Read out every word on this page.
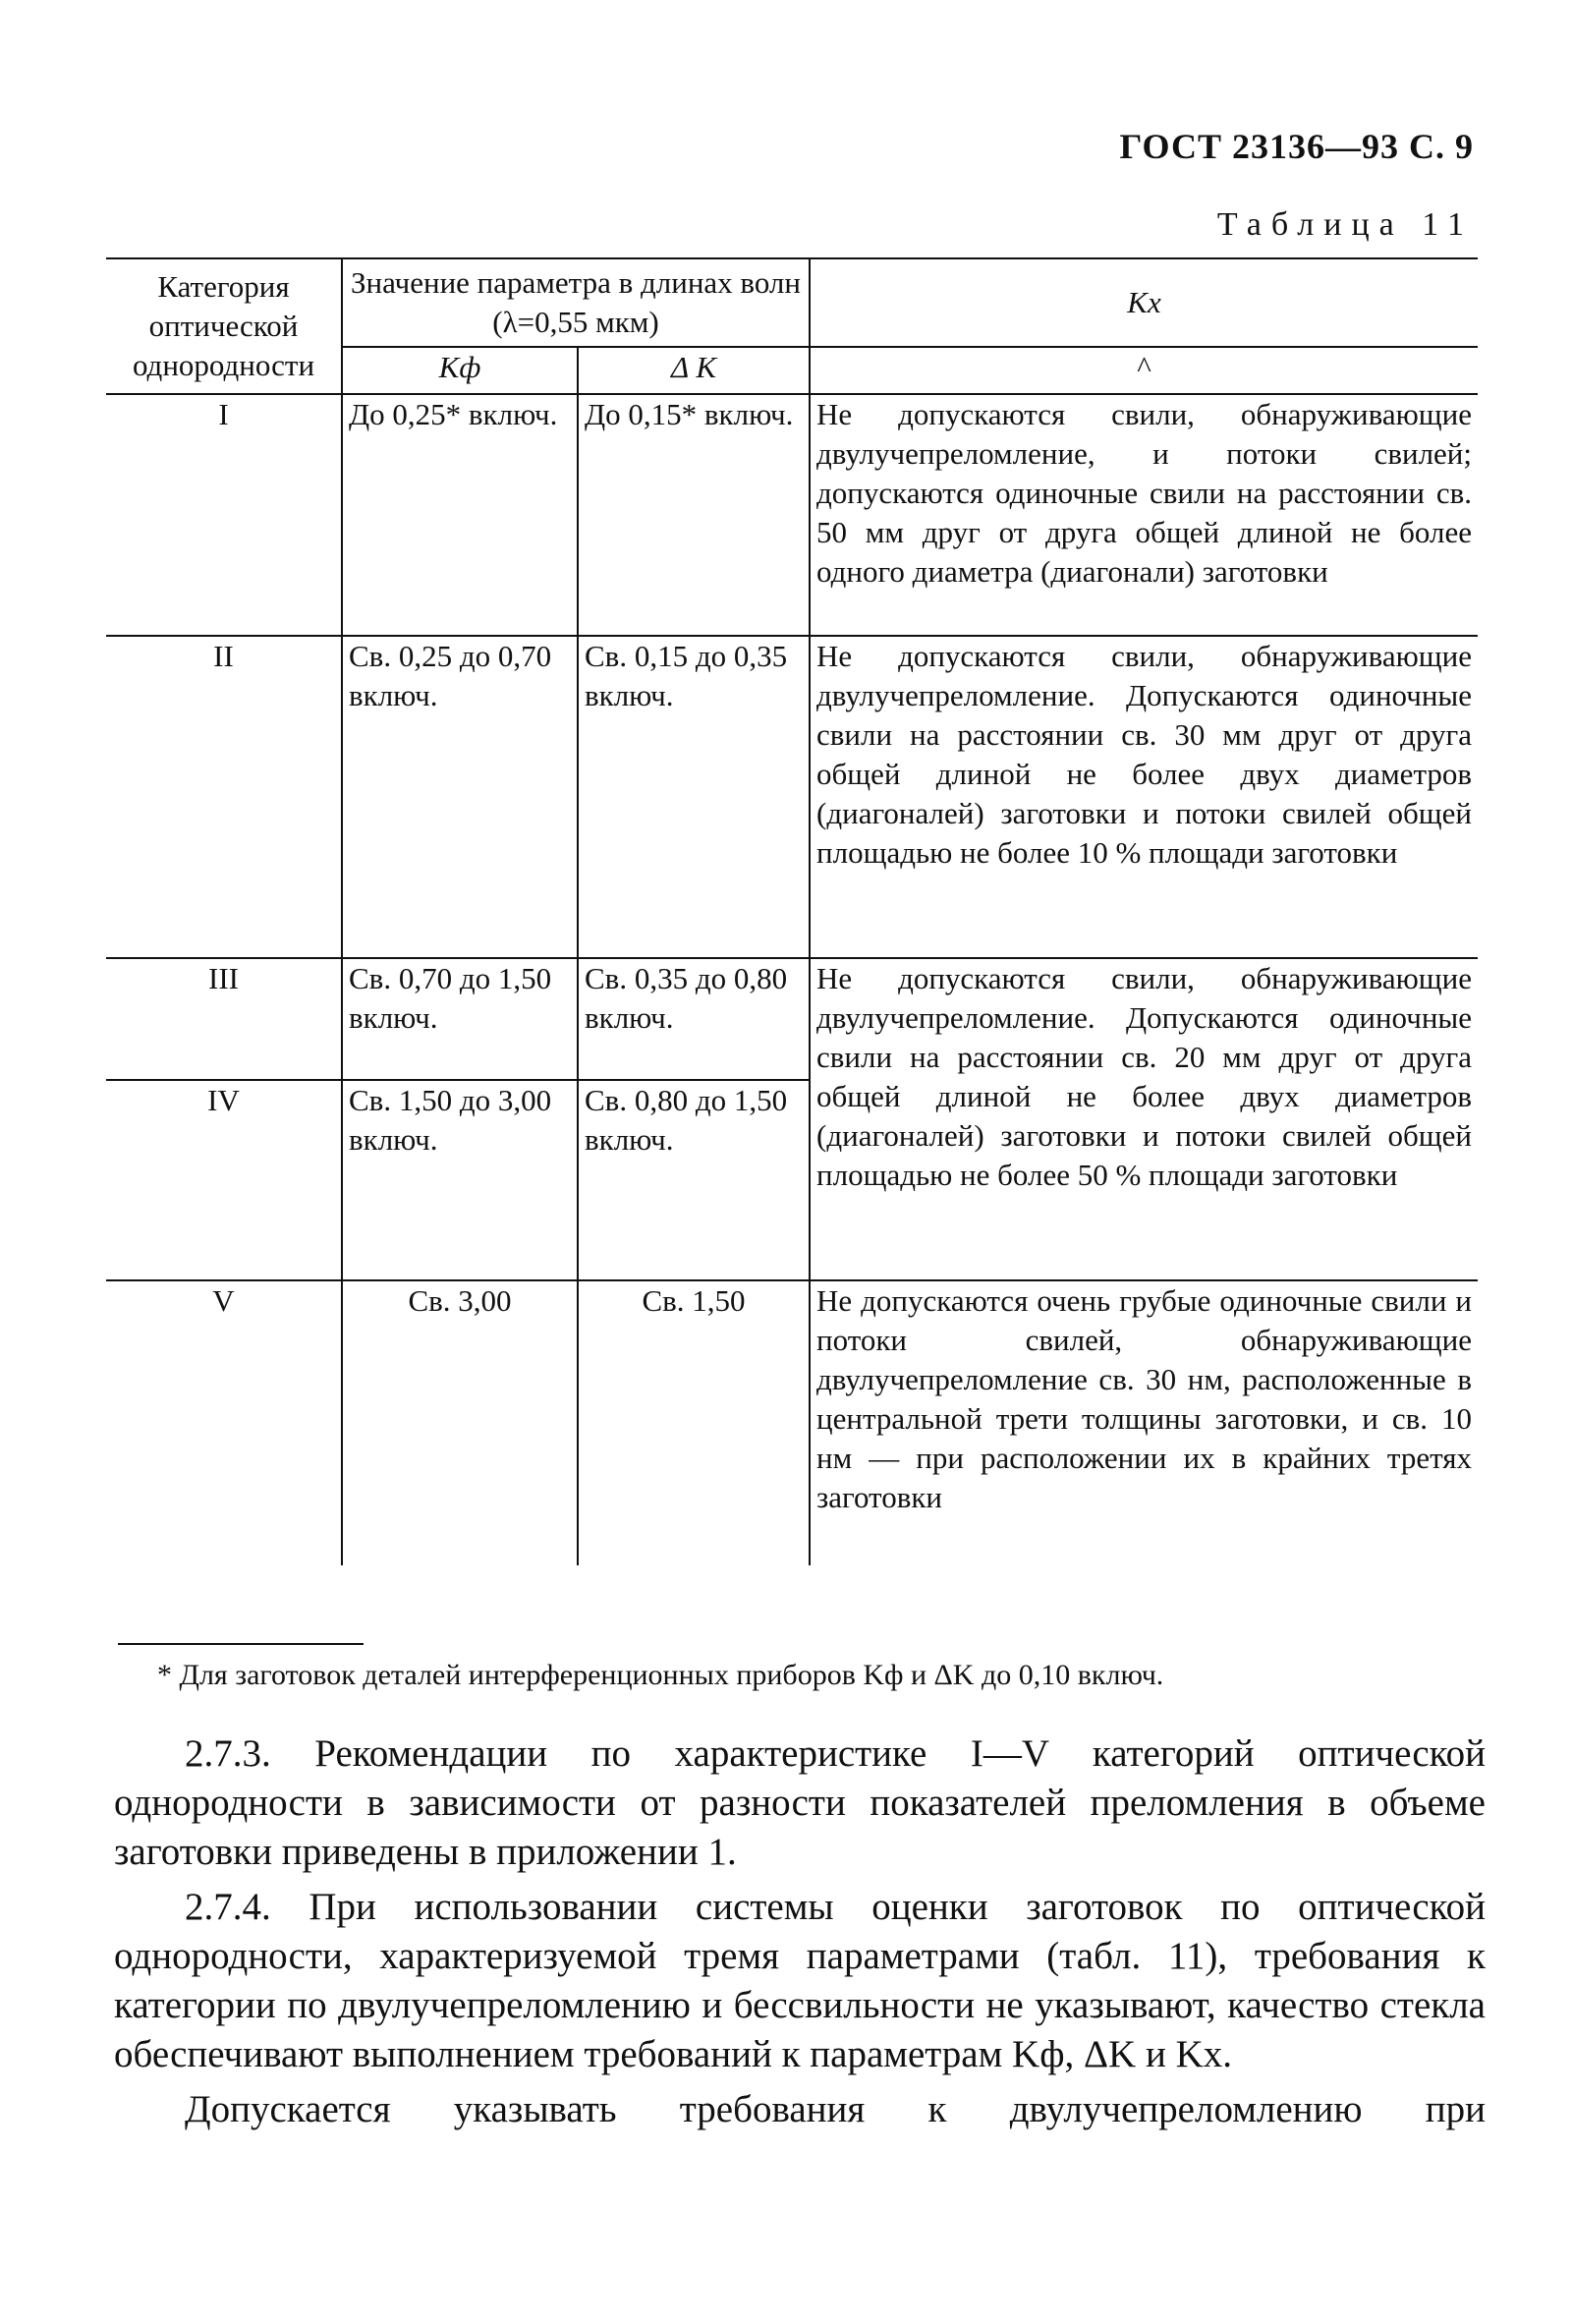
ГОСТ 23136—93 С. 9
Таблица 11
Категория оптической однородности	Значение параметра в длинах волн (λ=0,55 мкм)		Kx
	Kф	Δ K	^
I	До 0,25* включ.	До 0,15* включ.	Не допускаются свили, обнаруживающие двулучепреломление, и потоки свилей; допускаются одиночные свили на расстоянии св. 50 мм друг от друга общей длиной не более одного диаметра (диагонали) заготовки
II	Св. 0,25 до 0,70 включ.	Св. 0,15 до 0,35 включ.	Не допускаются свили, обнаруживающие двулучепреломление. Допускаются одиночные свили на расстоянии св. 30 мм друг от друга общей длиной не более двух диаметров (диагоналей) заготовки и потоки свилей общей площадью не более 10 % площади заготовки
III	Св. 0,70 до 1,50 включ.	Св. 0,35 до 0,80 включ.	Не допускаются свили, обнаруживающие двулучепреломление. Допускаются одиночные свили на расстоянии св. 20 мм друг от друга общей длиной не более двух диаметров (диагоналей) заготовки и потоки свилей общей площадью не более 50 % площади заготовки
IV	Св. 1,50 до 3,00 включ.	Св. 0,80 до 1,50 включ.	
V	Св. 3,00	Св. 1,50	Не допускаются очень грубые одиночные свили и потоки свилей, обнаруживающие двулучепреломление св. 30 нм, расположенные в центральной трети толщины заготовки, и св. 10 нм — при расположении их в крайних третях заготовки
* Для заготовок деталей интерференционных приборов Kф и ΔK до 0,10 включ.

2.7.3. Рекомендации по характеристике I—V категорий оптической однородности в зависимости от разности показателей преломления в объеме заготовки приведены в приложении 1.

2.7.4. При использовании системы оценки заготовок по оптической однородности, характеризуемой тремя параметрами (табл. 11), требования к категории по двулучепреломлению и бессвильности не указывают, качество стекла обеспечивают выполнением требований к параметрам Kф, ΔK и Kx.

Допускается указывать требования к двулучепреломлению при
